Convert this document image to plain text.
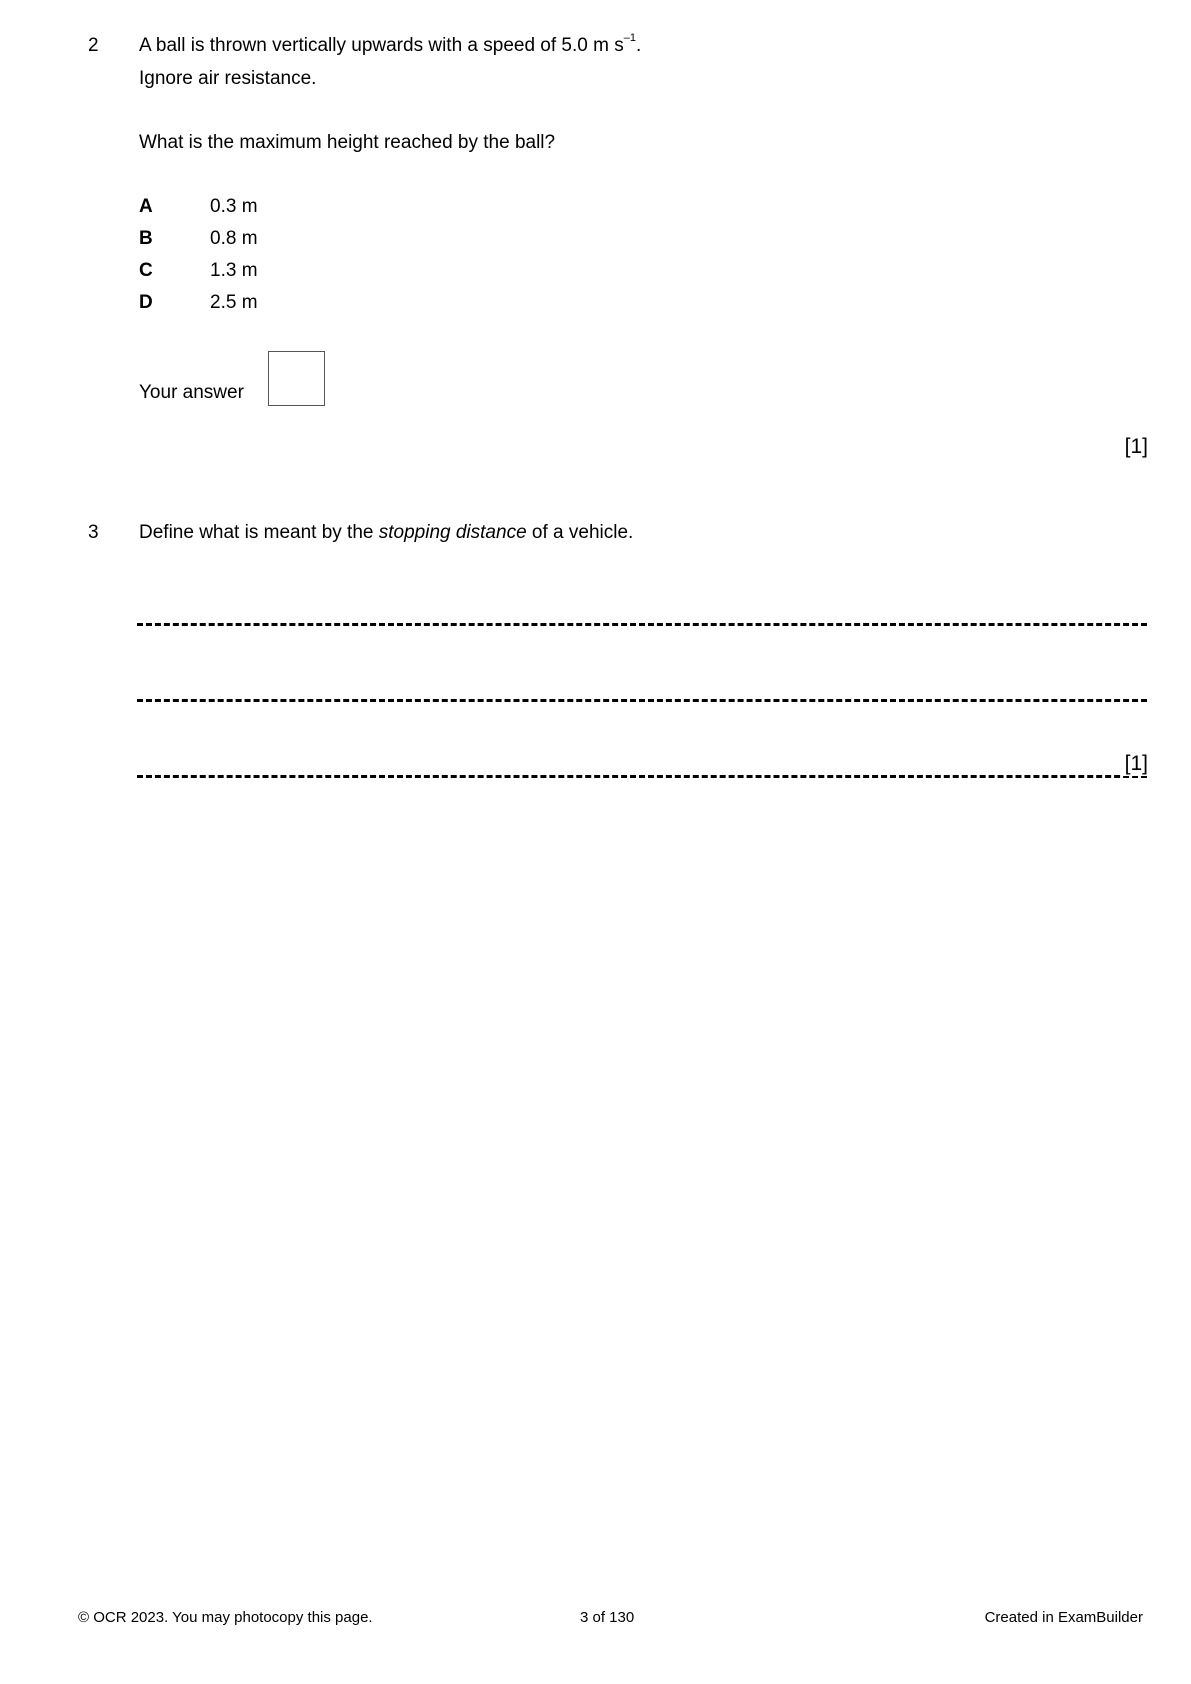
2 A ball is thrown vertically upwards with a speed of 5.0 m $s^{-1}$.
Ignore air resistance.
What is the maximum height reached by the ball?
A	0.3 m
B	0.8 m
C	1.3 m
D	2.5 m
Your answer
[1]
3 Define what is meant by the stopping distance of a vehicle.
[1]
© OCR 2023. You may photocopy this page.	3 of 130	Created in ExamBuilder
